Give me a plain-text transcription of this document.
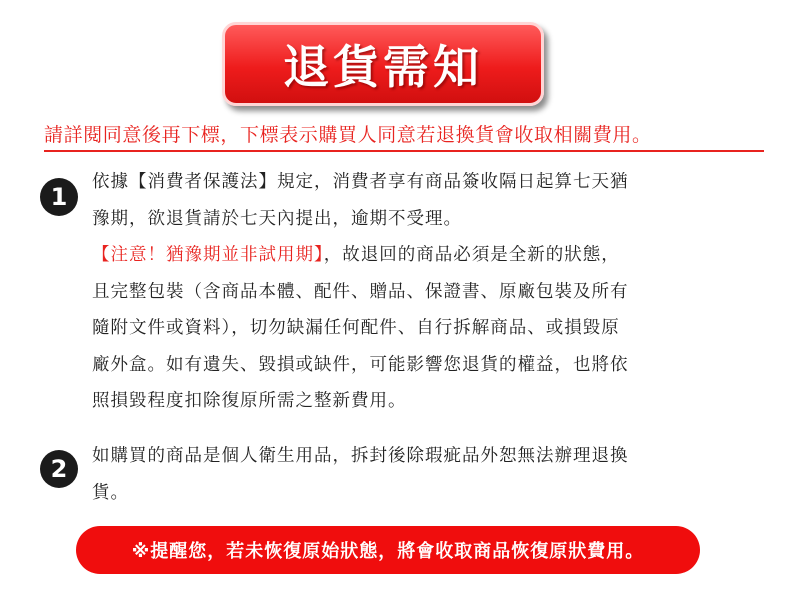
退貨需知
請詳閱同意後再下標，下標表示購買人同意若退換貨會收取相關費用。
1

依據【消費者保護法】規定，消費者享有商品簽收隔日起算七天猶

豫期，欲退貨請於七天內提出，逾期不受理。

【注意！猶豫期並非試用期】，故退回的商品必須是全新的狀態，

且完整包裝（含商品本體、配件、贈品、保證書、原廠包裝及所有

隨附文件或資料），切勿缺漏任何配件、自行拆解商品、或損毀原

廠外盒。如有遺失、毀損或缺件，可能影響您退貨的權益，也將依

照損毀程度扣除復原所需之整新費用。

2	如購買的商品是個人衛生用品，拆封後除瑕疵品外恕無法辦理退換

貨。

※提醒您，若未恢復原始狀態，將會收取商品恢復原狀費用。
